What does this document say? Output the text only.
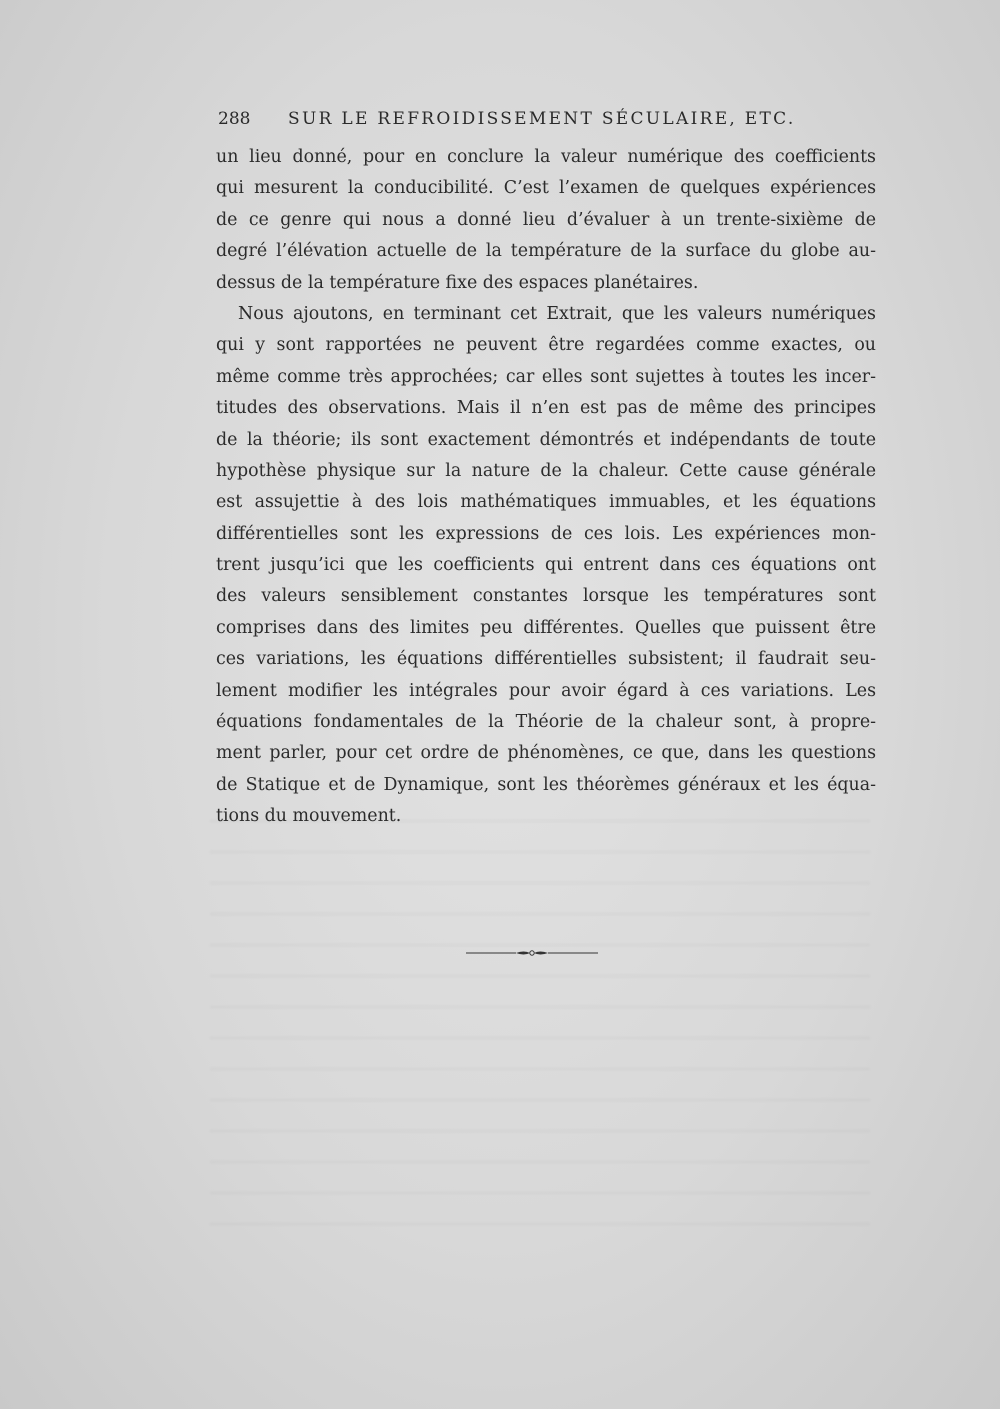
288	SUR LE REFROIDISSEMENT SÉCULAIRE, ETC.
un lieu donné, pour en conclure la valeur numérique des coefficients
qui mesurent la conducibilité. C’est l’examen de quelques expériences
de ce genre qui nous a donné lieu d’évaluer à un trente-sixième de
degré l’élévation actuelle de la température de la surface du globe au-
dessus de la température fixe des espaces planétaires.
Nous ajoutons, en terminant cet Extrait, que les valeurs numériques
qui y sont rapportées ne peuvent être regardées comme exactes, ou
même comme très approchées; car elles sont sujettes à toutes les incer-
titudes des observations. Mais il n’en est pas de même des principes
de la théorie; ils sont exactement démontrés et indépendants de toute
hypothèse physique sur la nature de la chaleur. Cette cause générale
est assujettie à des lois mathématiques immuables, et les équations
différentielles sont les expressions de ces lois. Les expériences mon-
trent jusqu’ici que les coefficients qui entrent dans ces équations ont
des valeurs sensiblement constantes lorsque les températures sont
comprises dans des limites peu différentes. Quelles que puissent être
ces variations, les équations différentielles subsistent; il faudrait seu-
lement modifier les intégrales pour avoir égard à ces variations. Les
équations fondamentales de la Théorie de la chaleur sont, à propre-
ment parler, pour cet ordre de phénomènes, ce que, dans les questions
de Statique et de Dynamique, sont les théorèmes généraux et les équa-
tions du mouvement.
